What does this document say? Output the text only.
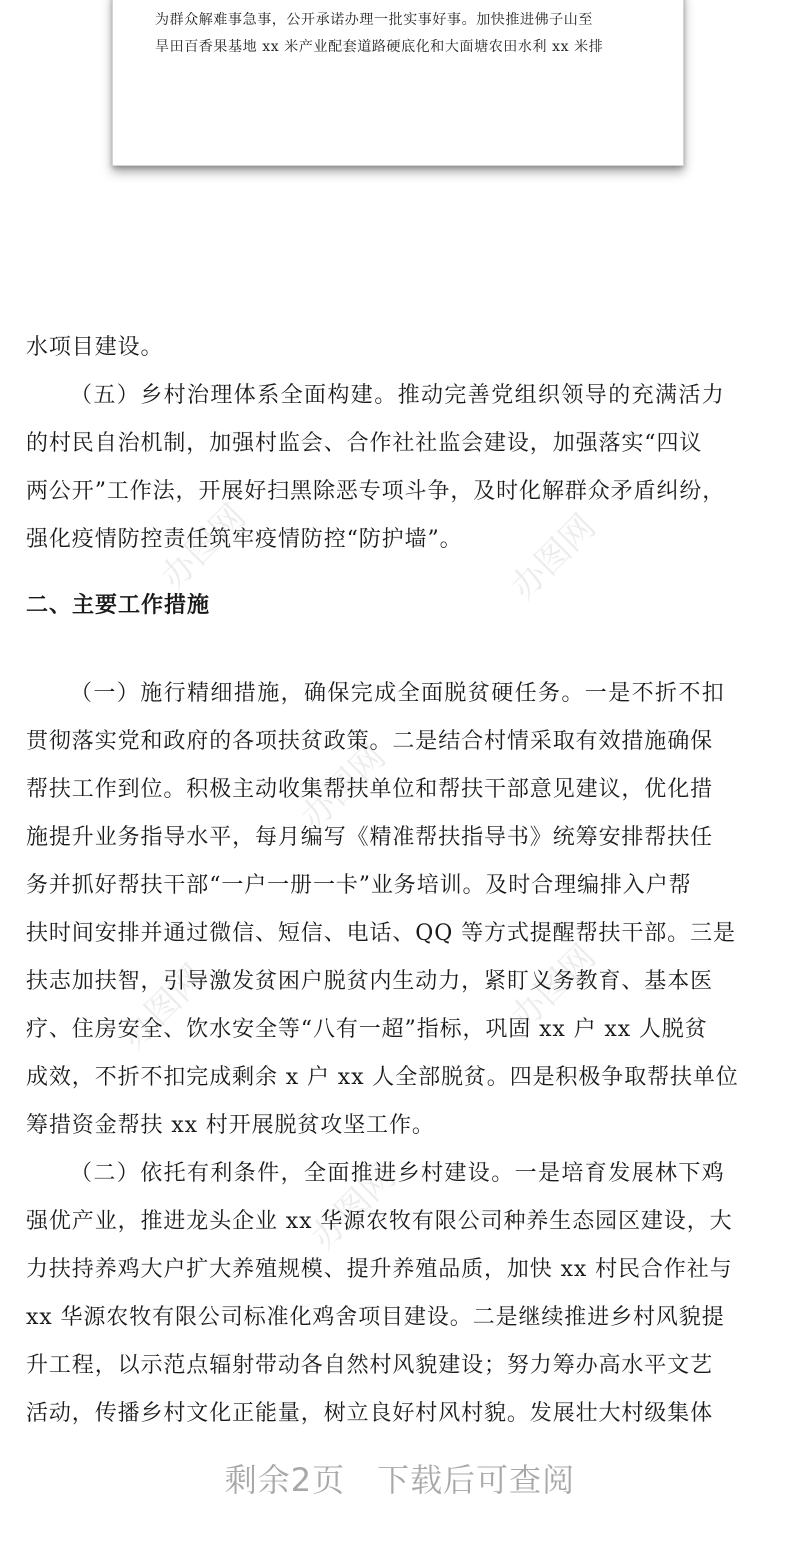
为群众解难事急事，公开承诺办理一批实事好事。加快推进佛子山至
旱田百香果基地 xx 米产业配套道路硬底化和大面塘农田水利 xx 米排
办图网	办图网
办图网
办图网
办图网
办图网
水项目建设。
（五）乡村治理体系全面构建。推动完善党组织领导的充满活力
的村民自治机制，加强村监会、合作社社监会建设，加强落实“四议
两公开”工作法，开展好扫黑除恶专项斗争，及时化解群众矛盾纠纷，
强化疫情防控责任筑牢疫情防控“防护墙”。
二、主要工作措施
（一）施行精细措施，确保完成全面脱贫硬任务。一是不折不扣
贯彻落实党和政府的各项扶贫政策。二是结合村情采取有效措施确保
帮扶工作到位。积极主动收集帮扶单位和帮扶干部意见建议，优化措
施提升业务指导水平，每月编写《精准帮扶指导书》统筹安排帮扶任
务并抓好帮扶干部“一户一册一卡”业务培训。及时合理编排入户帮
扶时间安排并通过微信、短信、电话、QQ 等方式提醒帮扶干部。三是
扶志加扶智，引导激发贫困户脱贫内生动力，紧盯义务教育、基本医
疗、住房安全、饮水安全等“八有一超”指标，巩固 xx 户 xx 人脱贫
成效，不折不扣完成剩余 x 户 xx 人全部脱贫。四是积极争取帮扶单位
筹措资金帮扶 xx 村开展脱贫攻坚工作。
（二）依托有利条件，全面推进乡村建设。一是培育发展林下鸡
强优产业，推进龙头企业 xx 华源农牧有限公司种养生态园区建设，大
力扶持养鸡大户扩大养殖规模、提升养殖品质，加快 xx 村民合作社与
xx 华源农牧有限公司标准化鸡舍项目建设。二是继续推进乡村风貌提
升工程，以示范点辐射带动各自然村风貌建设；努力筹办高水平文艺
活动，传播乡村文化正能量，树立良好村风村貌。发展壮大村级集体
剩余2页 下载后可查阅
